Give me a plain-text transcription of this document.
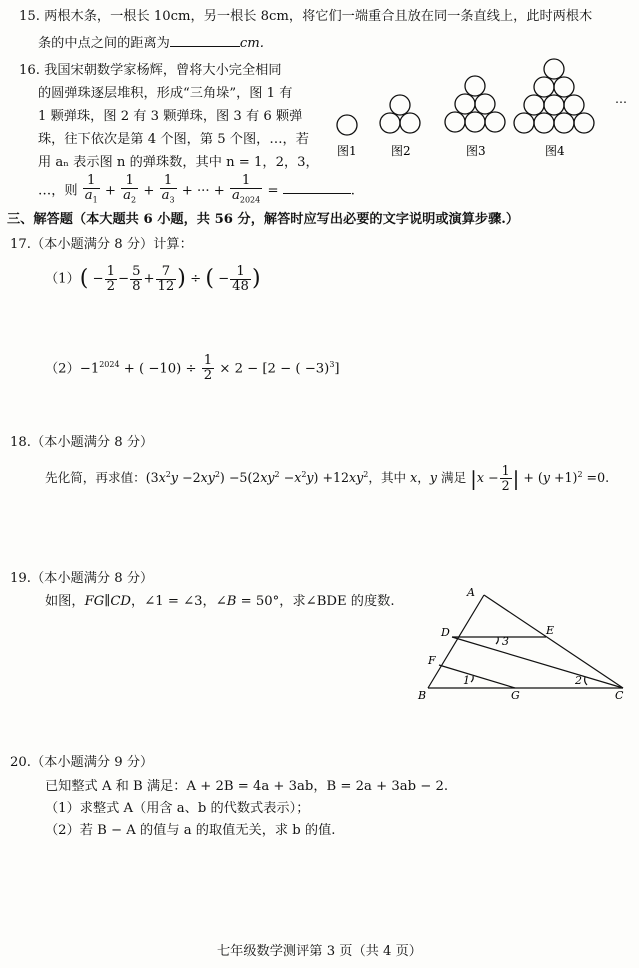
15. 两根木条，一根长 10cm，另一根长 8cm，将它们一端重合且放在同一条直线上，此时两根木
条的中点之间的距离为	cm.
16. 我国宋朝数学家杨辉，曾将大小完全相同
的圆弹珠逐层堆积，形成“三角垛”，图 1 有
1 颗弹珠，图 2 有 3 颗弹珠，图 3 有 6 颗弹
珠，往下依次是第 4 个图，第 5 个图，…，若
用 aₙ 表示图 n 的弹珠数，其中 n = 1，2，3，
…，则 $\frac{1}{a_1} + \frac{1}{a_2} + \frac{1}{a_3}$ + ··· + $\frac{1}{a_{2024}}$ =	.
图1	图2	图3	图4
…
三、解答题（本大题共 6 小题，共 56 分，解答时应写出必要的文字说明或演算步骤.）
17.（本小题满分 8 分）计算：
$(1)( - \frac{1}{2} - \frac{5}{8} + \frac{7}{12}$ ) ÷ ( − $\frac{1}{48}$ )
$(2)-1^{2024}$ + ( $-10) \div \frac{1}{2} \times 2 - [2$ − ( −3)$^3$]
18.（本小题满分 8 分）
先化简，再求值：$(3x^2y -2xy^2) -5(2xy^2 -x^2y) +12xy^2$，其中 x，y 满足 $|x - \frac{1}{2}$ | + $(y +1)^2 =0$.
19.（本小题满分 8 分）
如图，FG∥CD，∠1 = ∠3，∠B = 50°，求∠BDE 的度数.
A
B	C
D	E
F
G
1	2
3
20.（本小题满分 9 分）
已知整式 A 和 B 满足：A + 2B = 4a + 3ab，B = 2a + 3ab − 2.
（1）求整式 A（用含 a、b 的代数式表示）；
（2）若 B − A 的值与 a 的取值无关，求 b 的值.
七年级数学测评第 3 页（共 4 页）
